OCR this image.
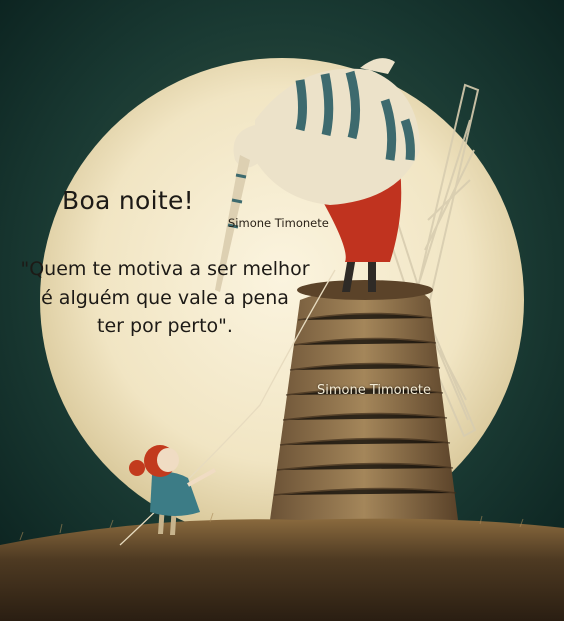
Boa noite!

"Quem te motiva a ser melhor
é alguém que vale a pena
ter por perto".

Simone Timonete
Simone Timonete
